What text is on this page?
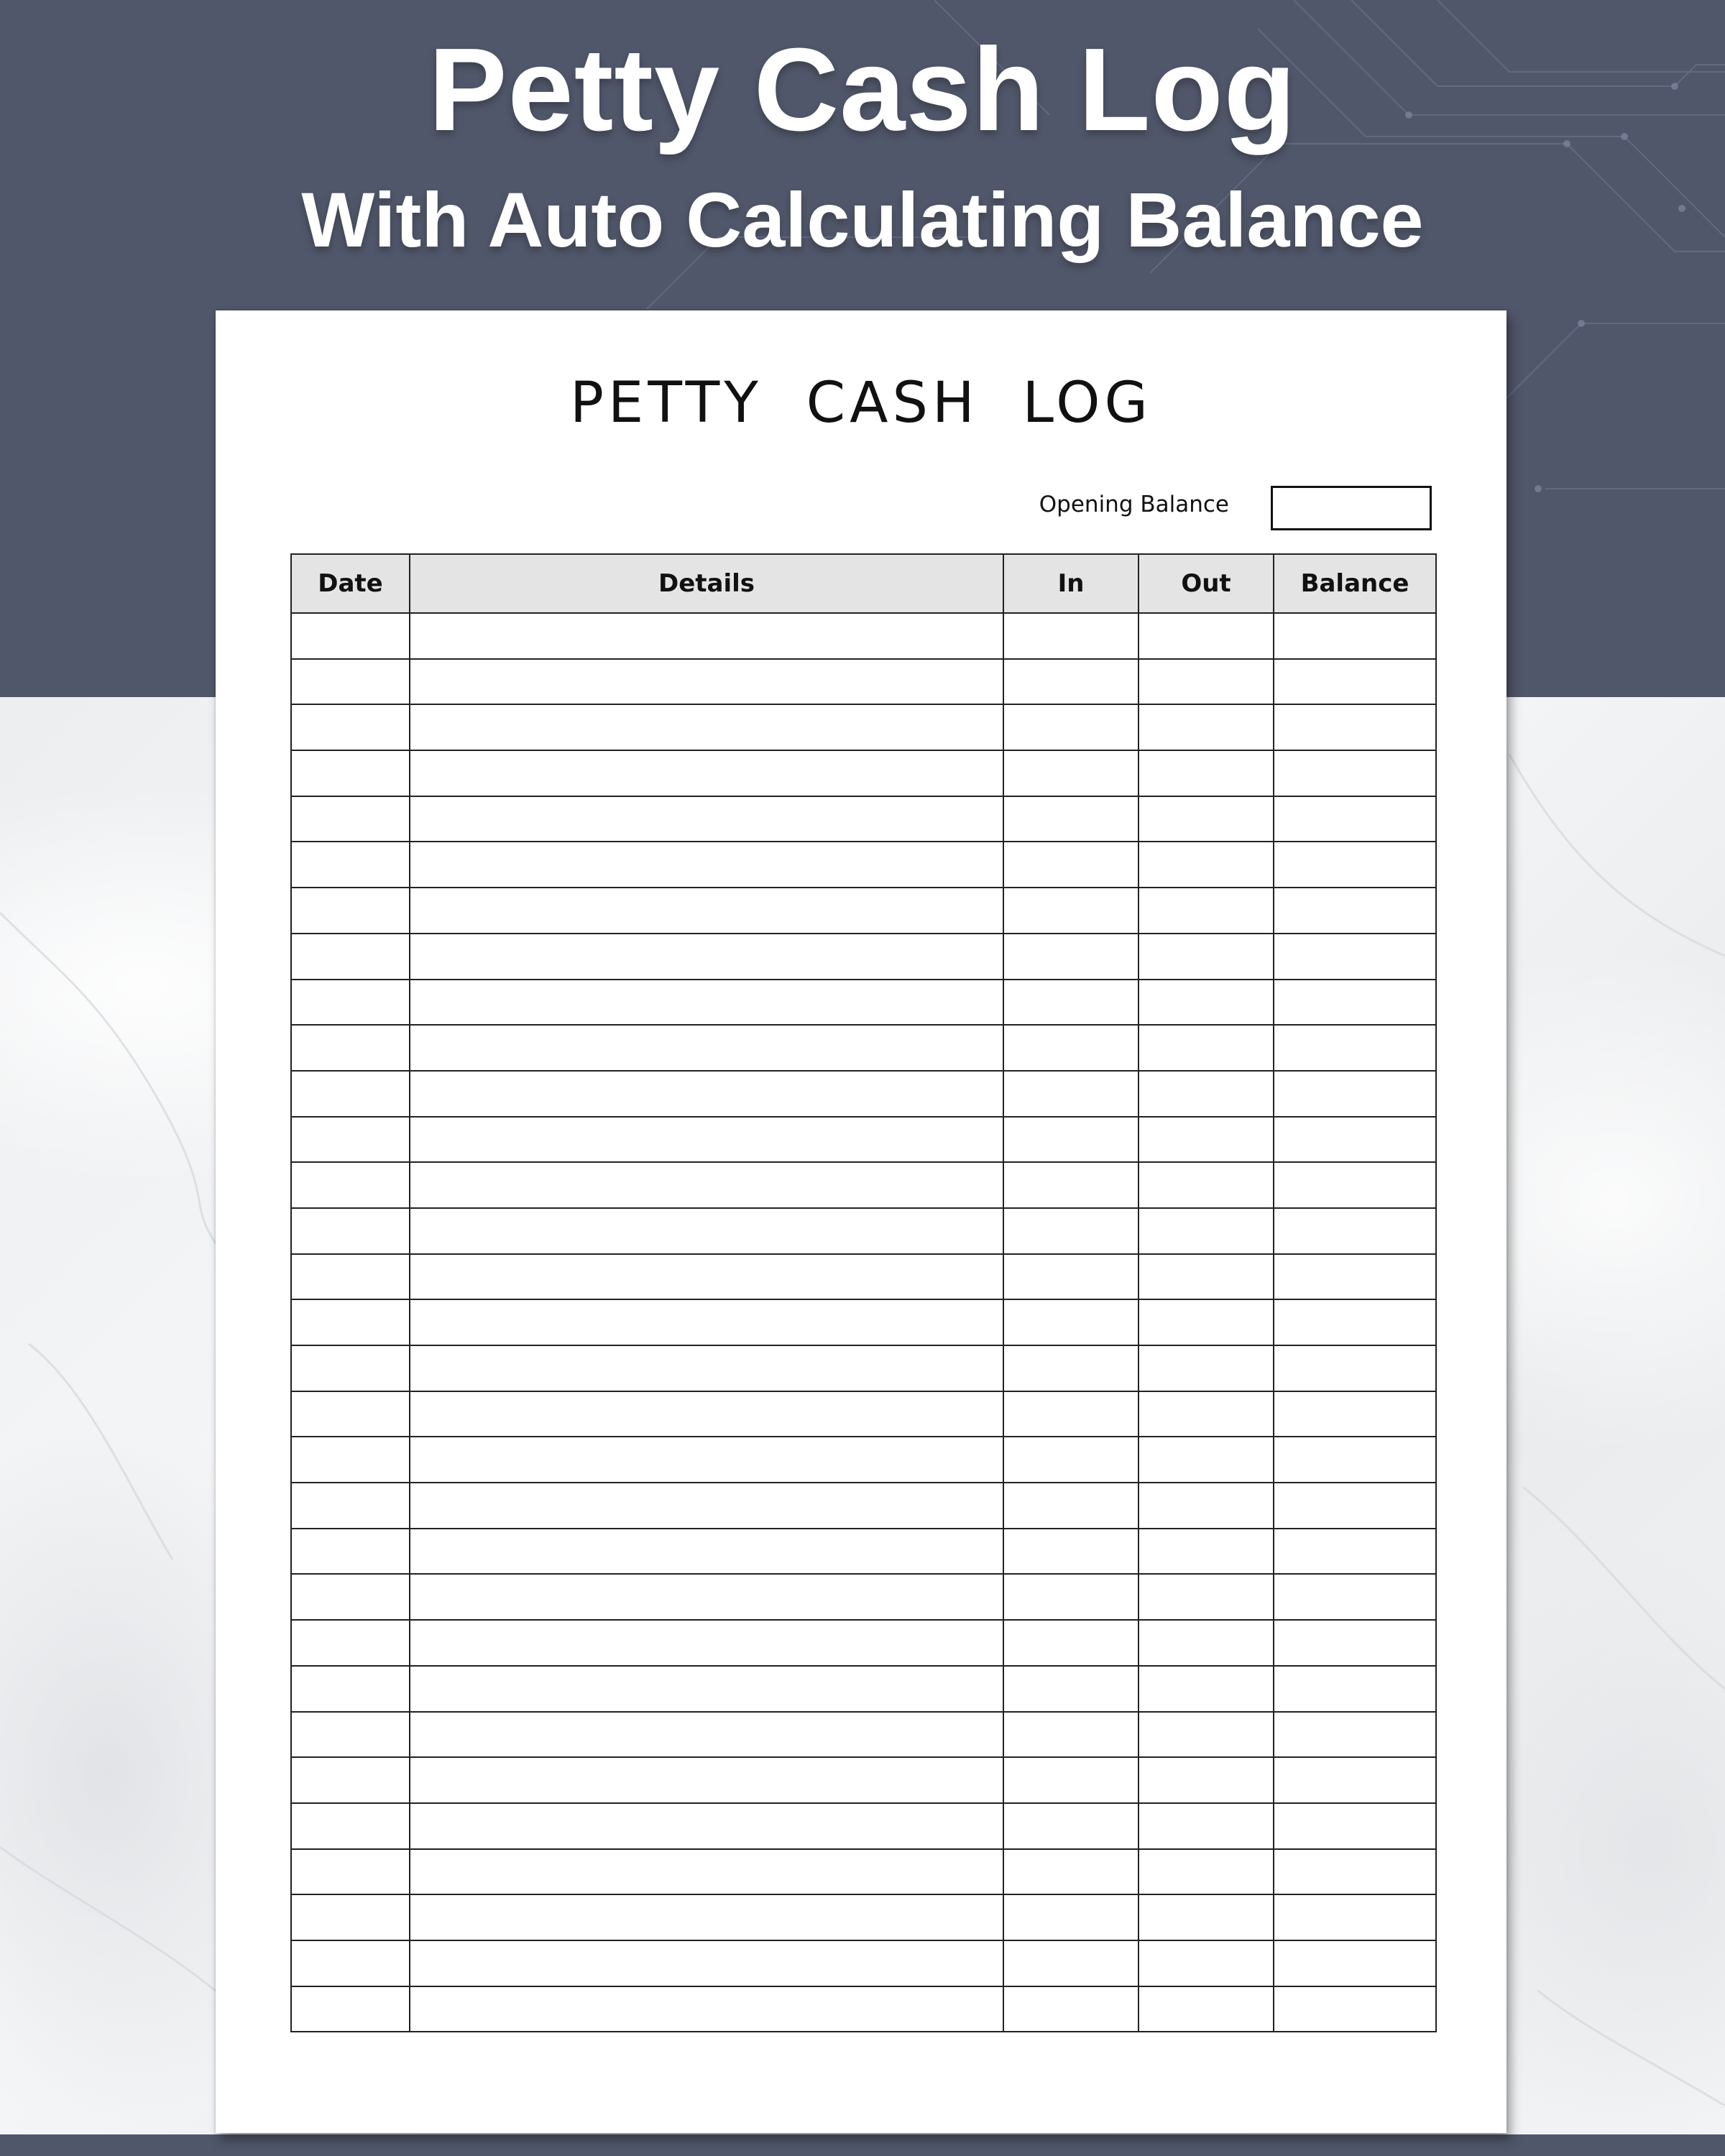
Petty Cash Log
With Auto Calculating Balance
PETTY CASH LOG
Opening Balance
Date	Details	In	Out	Balance
